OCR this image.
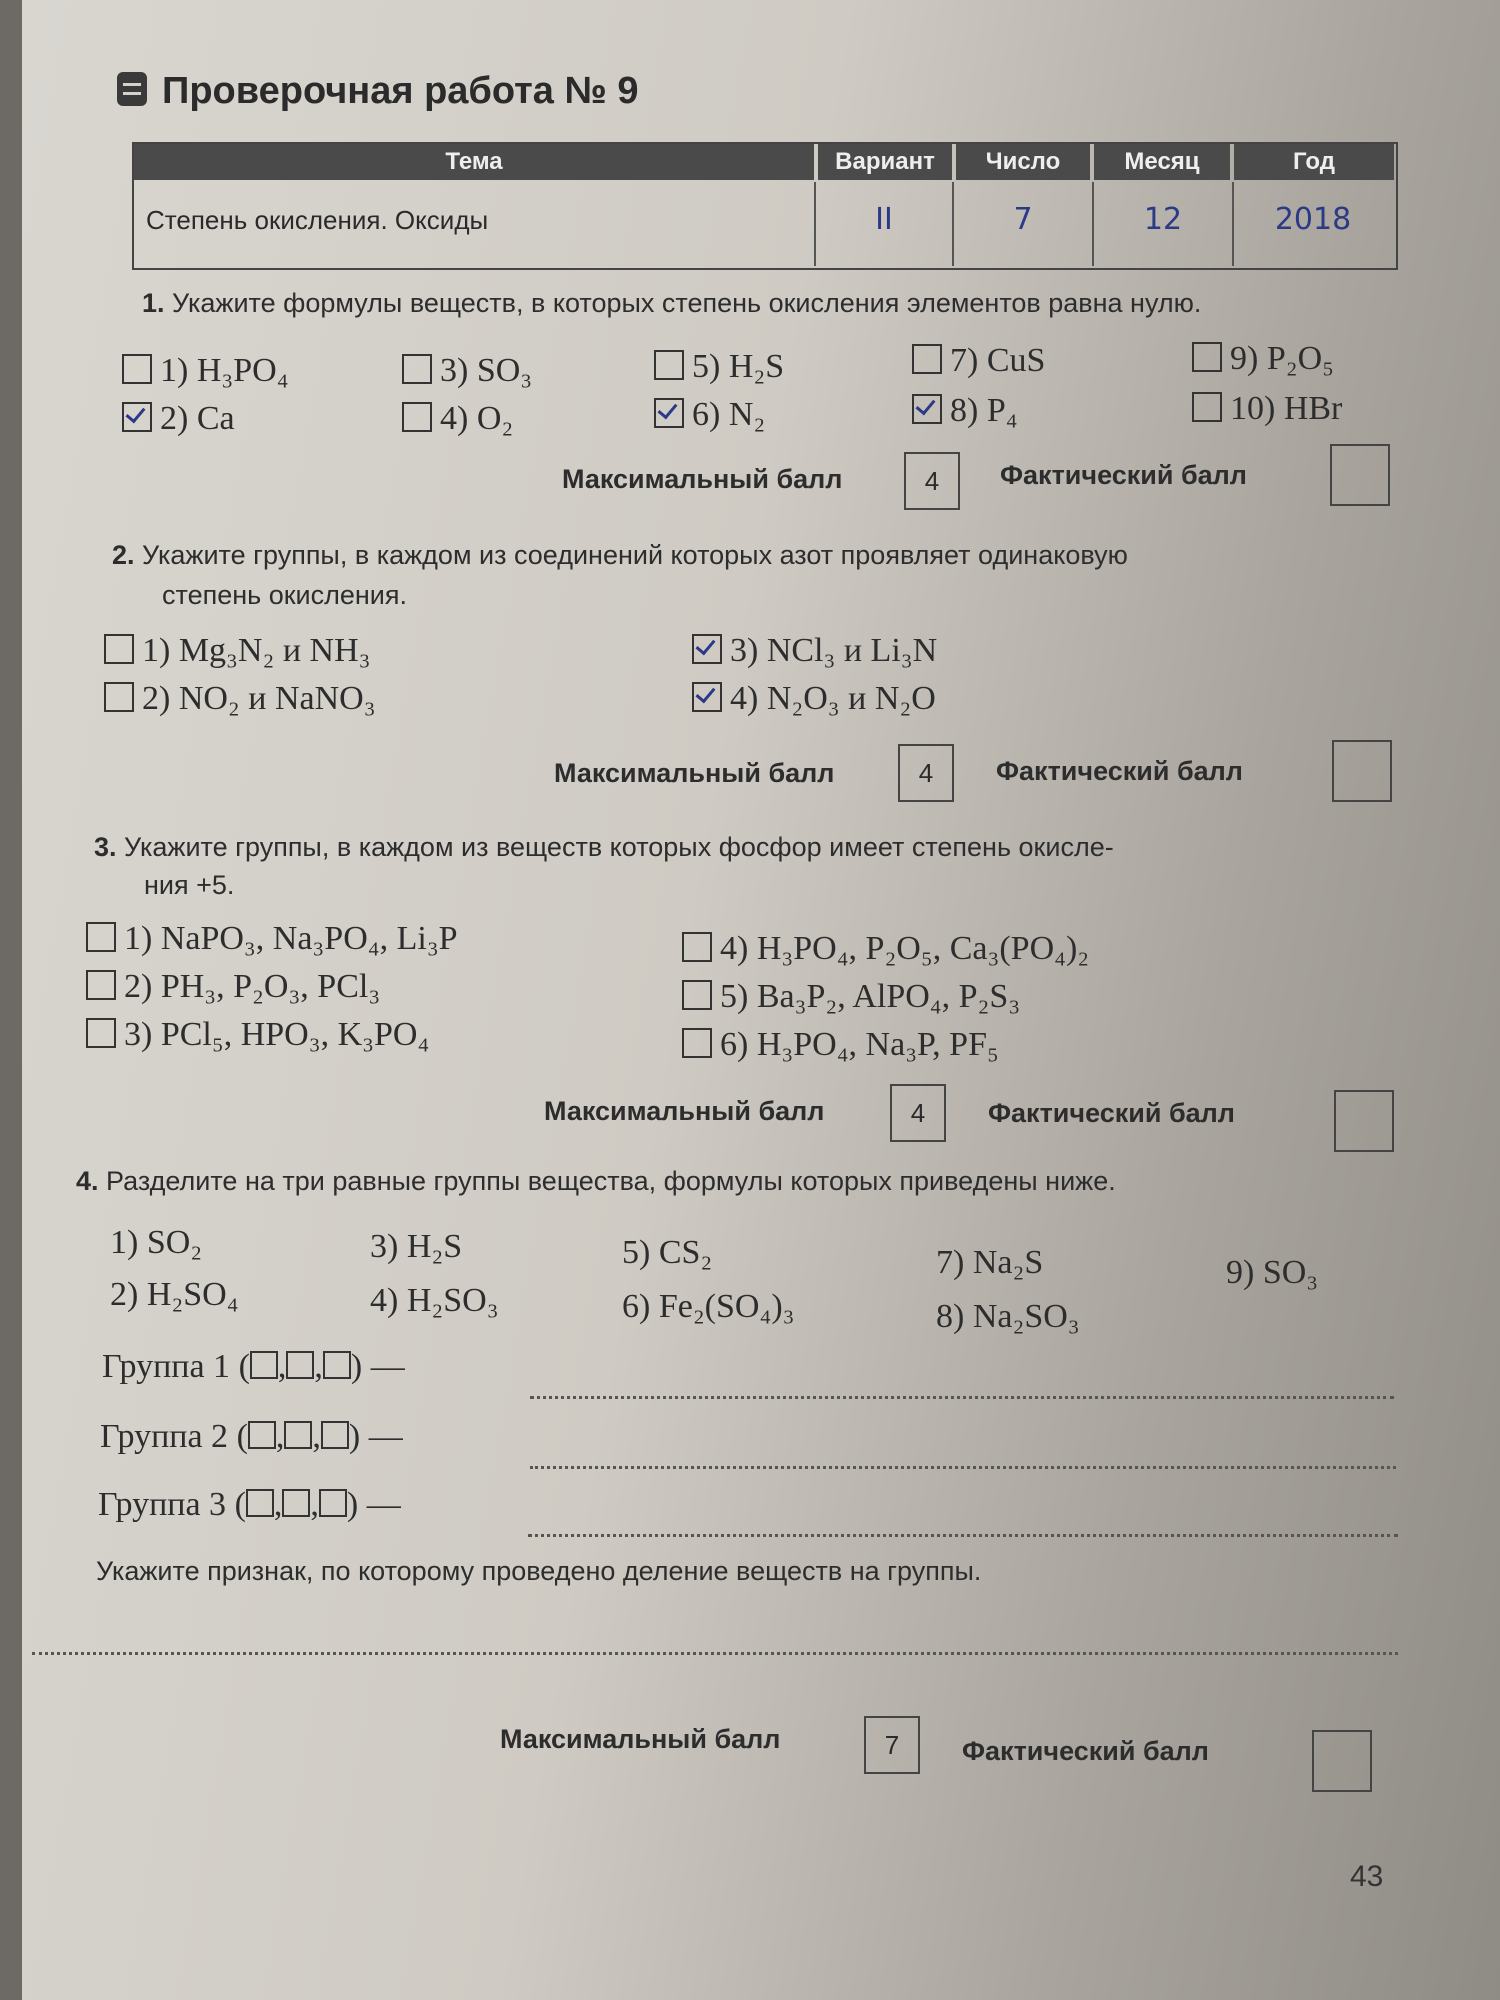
Проверочная работа № 9
Тема	Вариант	Число	Месяц	Год
Степень окисления. Оксиды	II	7	12	2018
1. Укажите формулы веществ, в которых степень окисления элементов равна нулю.
1) H₃PO₄
2) Ca
3) SO₃
4) O₂
5) H₂S
6) N₂
7) CuS
8) P₄
9) P₂O₅
10) HBr
Максимальный балл	4	Фактический балл
2. Укажите группы, в каждом из соединений которых азот проявляет одинаковую
степень окисления.
1) Mg₃N₂ и NH₃
2) NO₂ и NaNO₃
3) NCl₃ и Li₃N
4) N₂O₃ и N₂O
Максимальный балл	4	Фактический балл
3. Укажите группы, в каждом из веществ которых фосфор имеет степень окисле-
ния +5.
1) NaPO₃, Na₃PO₄, Li₃P
2) PH₃, P₂O₃, PCl₃
3) PCl₅, HPO₃, K₃PO₄
4) H₃PO₄, P₂O₅, Ca₃(PO₄)₂
5) Ba₃P₂, AlPO₄, P₂S₃
6) H₃PO₄, Na₃P, PF₅
Максимальный балл	4	Фактический балл
4. Разделите на три равные группы вещества, формулы которых приведены ниже.
1) SO₂
2) H₂SO₄
3) H₂S
4) H₂SO₃
5) CS₂
6) Fe₂(SO₄)₃
7) Na₂S
8) Na₂SO₃
9) SO₃
Группа 1 ( , , ) —
Группа 2 ( , , ) —
Группа 3 ( , , ) —
Укажите признак, по которому проведено деление веществ на группы.
Максимальный балл	7	Фактический балл
43
